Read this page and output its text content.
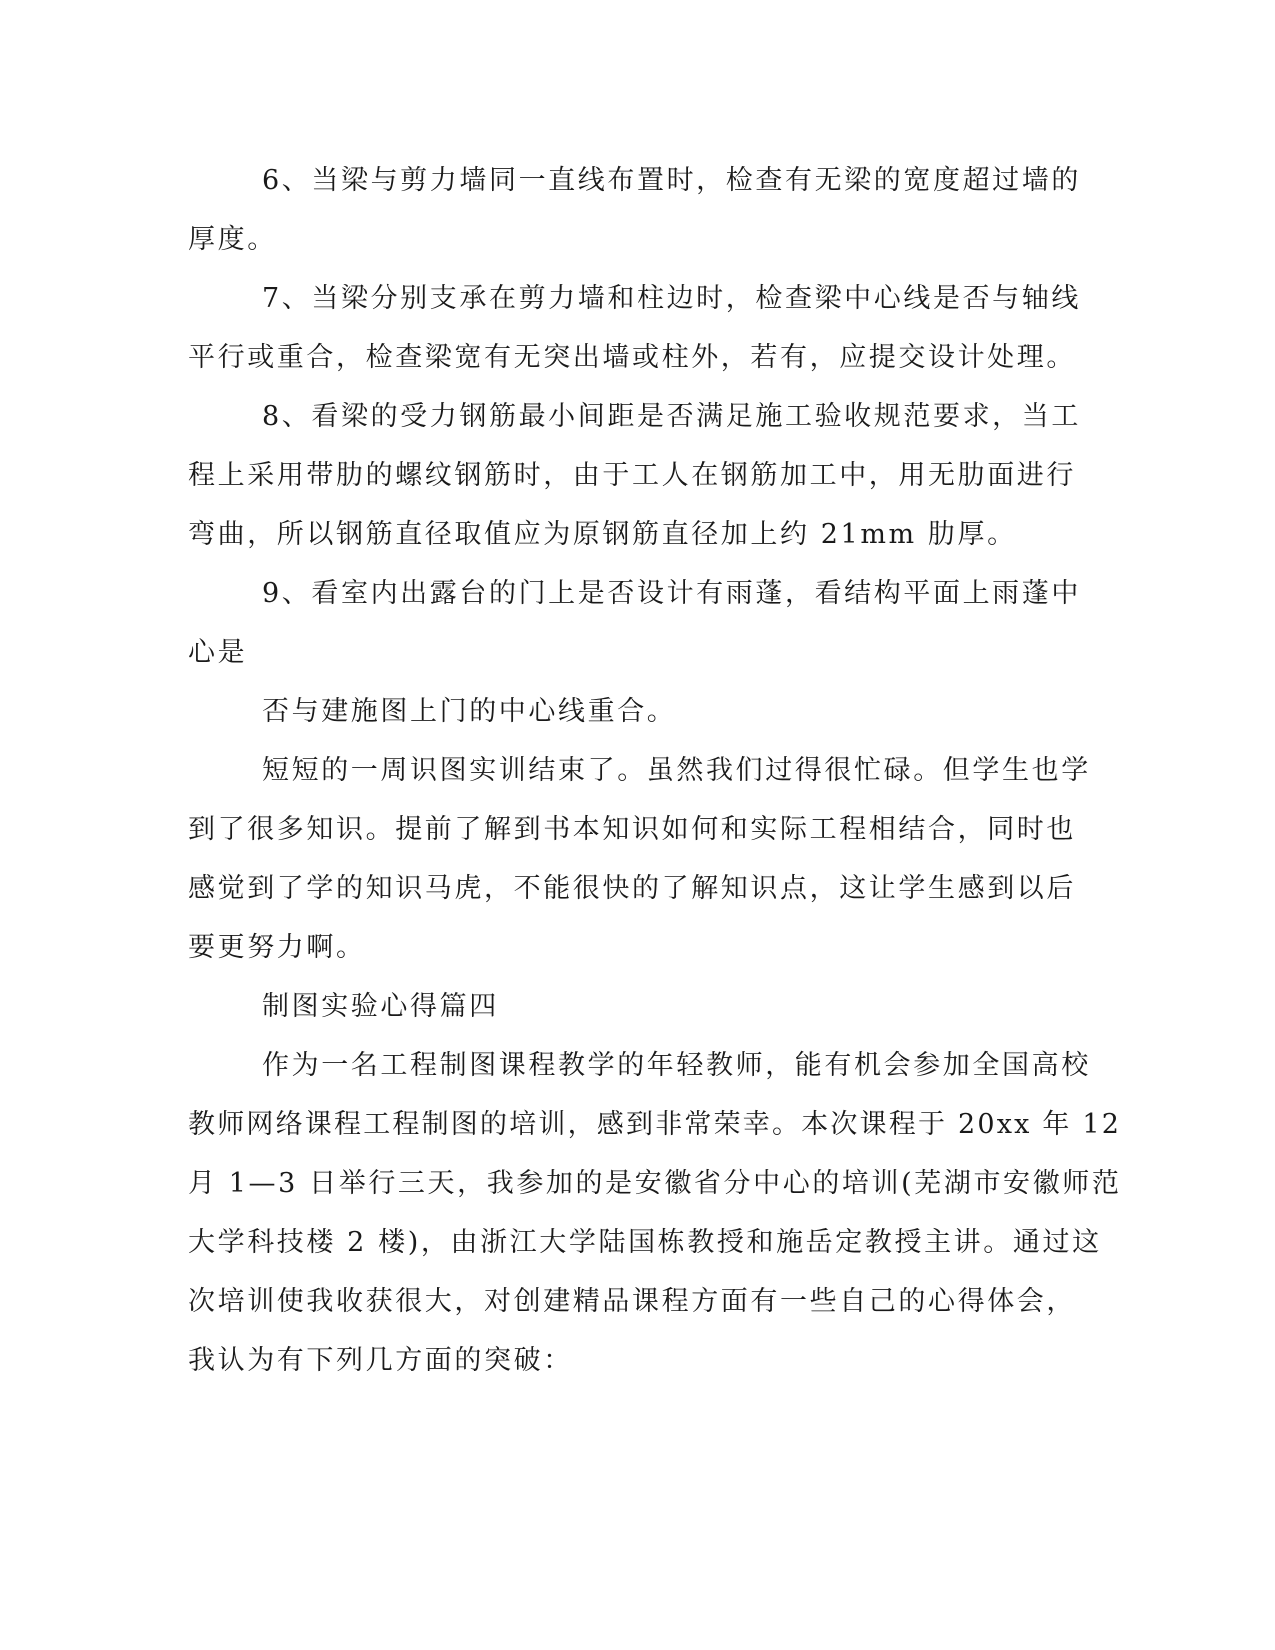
6、当梁与剪力墙同一直线布置时，检查有无梁的宽度超过墙的
厚度。
7、当梁分别支承在剪力墙和柱边时，检查梁中心线是否与轴线
平行或重合，检查梁宽有无突出墙或柱外，若有，应提交设计处理。
8、看梁的受力钢筋最小间距是否满足施工验收规范要求，当工
程上采用带肋的螺纹钢筋时，由于工人在钢筋加工中，用无肋面进行
弯曲，所以钢筋直径取值应为原钢筋直径加上约 21mm 肋厚。
9、看室内出露台的门上是否设计有雨蓬，看结构平面上雨蓬中
心是
否与建施图上门的中心线重合。
短短的一周识图实训结束了。虽然我们过得很忙碌。但学生也学
到了很多知识。提前了解到书本知识如何和实际工程相结合，同时也
感觉到了学的知识马虎，不能很快的了解知识点，这让学生感到以后
要更努力啊。
制图实验心得篇四
作为一名工程制图课程教学的年轻教师，能有机会参加全国高校
教师网络课程工程制图的培训，感到非常荣幸。本次课程于 20xx 年 12
月 1—3 日举行三天，我参加的是安徽省分中心的培训(芜湖市安徽师范
大学科技楼 2 楼)，由浙江大学陆国栋教授和施岳定教授主讲。通过这
次培训使我收获很大，对创建精品课程方面有一些自己的心得体会，
我认为有下列几方面的突破：
